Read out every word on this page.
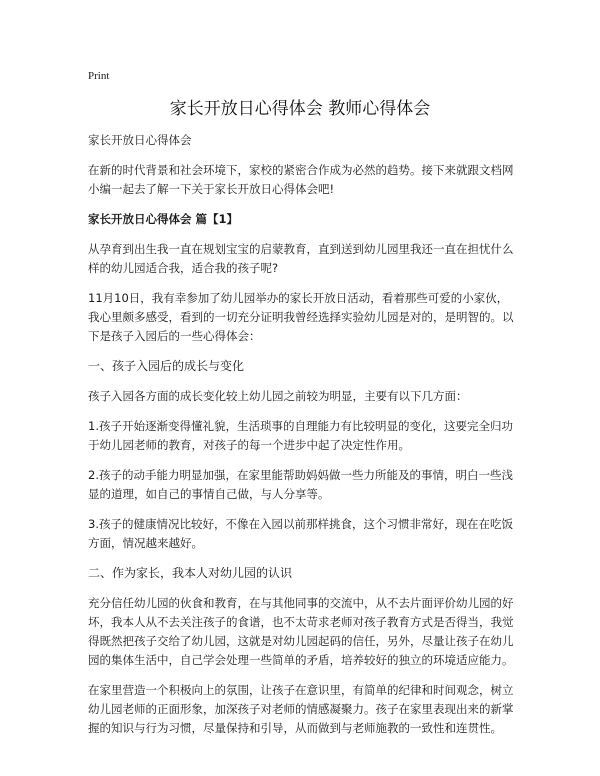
Print
家长开放日心得体会 教师心得体会

家长开放日心得体会

在新的时代背景和社会环境下，家校的紧密合作成为必然的趋势。接下来就跟文档网小编一起去了解一下关于家长开放日心得体会吧!

家长开放日心得体会 篇【1】

从孕育到出生我一直在规划宝宝的启蒙教育，直到送到幼儿园里我还一直在担忧什么样的幼儿园适合我，适合我的孩子呢?

11月10日，我有幸参加了幼儿园举办的家长开放日活动，看着那些可爱的小家伙，我心里颇多感受，看到的一切充分证明我曾经选择实验幼儿园是对的，是明智的。以下是孩子入园后的一些心得体会：

一、孩子入园后的成长与变化

孩子入园各方面的成长变化较上幼儿园之前较为明显，主要有以下几方面：

1.孩子开始逐渐变得懂礼貌，生活琐事的自理能力有比较明显的变化，这要完全归功于幼儿园老师的教育，对孩子的每一个进步中起了决定性作用。

2.孩子的动手能力明显加强，在家里能帮助妈妈做一些力所能及的事情，明白一些浅显的道理，如自己的事情自己做，与人分享等。

3.孩子的健康情况比较好，不像在入园以前那样挑食，这个习惯非常好，现在在吃饭方面，情况越来越好。

二、作为家长，我本人对幼儿园的认识

充分信任幼儿园的伙食和教育，在与其他同事的交流中，从不去片面评价幼儿园的好坏，我本人从不去关注孩子的食谱，也不太苛求老师对孩子教育方式是否得当，我觉得既然把孩子交给了幼儿园，这就是对幼儿园起码的信任，另外，尽量让孩子在幼儿园的集体生活中，自己学会处理一些简单的矛盾，培养较好的独立的环境适应能力。

在家里营造一个积极向上的氛围，让孩子在意识里，有简单的纪律和时间观念，树立幼儿园老师的正面形象，加深孩子对老师的情感凝聚力。孩子在家里表现出来的新掌握的知识与行为习惯，尽量保持和引导，从而做到与老师施教的一致性和连贯性。
